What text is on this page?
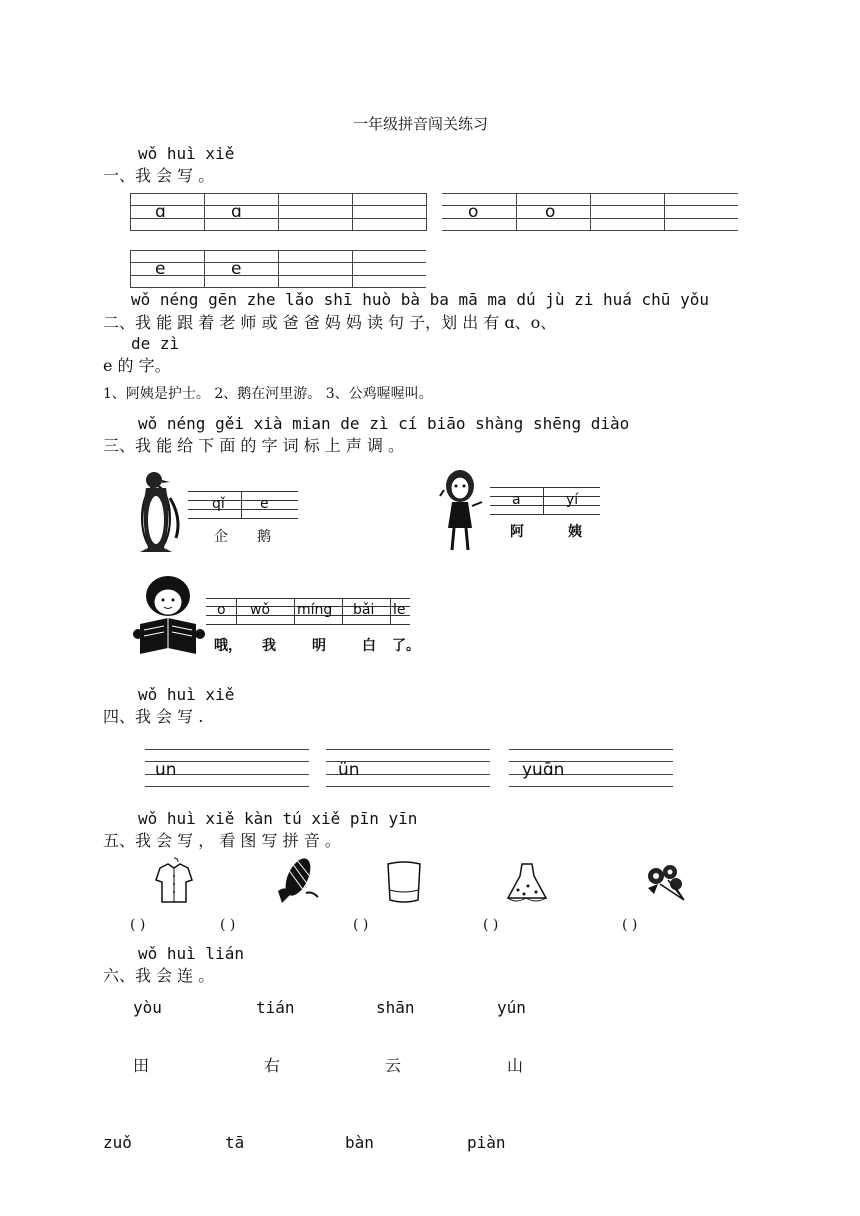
一年级拼音闯关练习
wǒ huì xiě
一、我 会 写 。
ɑ	ɑ	o	o
e	e
wǒ néng gēn zhe lǎo shī huò bà ba mā ma dú jù zi huá chū yǒu
二、我 能 跟 着 老 师 或 爸 爸 妈 妈 读 句 子，划 出 有 ɑ、o、
de zì
e 的 字。
1、阿姨是护士。 2、鹅在河里游。 3、公鸡喔喔叫。
wǒ néng gěi xià mian de zì cí biāo shàng shēng diào
三、我 能 给 下 面 的 字 词 标 上 声 调 。
qǐ	e
企 鹅
a	yí
阿	姨
o wǒ míng bǎi le
哦， 我	明	白 了。
wǒ huì xiě
四、我 会 写 .
un	ün	yuɑ̄n
wǒ huì xiě kàn tú xiě pīn yīn
五、我 会 写 ， 看 图 写 拼 音 。
( )	( )	( )	( )	( )
wǒ huì lián
六、我 会 连 。
yòu	tián	shān	yún
田	右	云	山
zuǒ	tā	bàn	piàn
